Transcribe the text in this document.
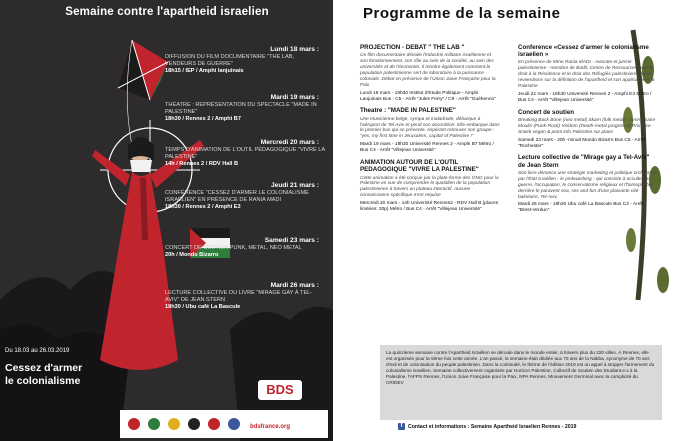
Semaine contre l'apartheid israelien
Lundi 18 mars :
DIFFUSION DU FILM DOCUMENTAIRE "THE LAB, VENDEURS DE GUERRE"
18h15 / IEP / Amphi lanjuinais
Mardi 19 mars :
THÉATRE : REPRÉSENTATION DU SPECTACLE "MADE IN PALESTINE"
18h30 / Rennes 2 / Amphi B7
Mercredi 20 mars :
TEMPS D'ANIMATION DE L'OUTIL PÉDAGOGIQUE "VIVRE LA PALESTINE"
14h / Rennes 2 / RDV Hall B
Jeudi 21 mars :
CONFÉRENCE "CESSEZ D'ARMER LE COLONIALISME ISRAÉLIEN" EN PRÉSENCE DE RANIA MADI
18h30 / Rennes 2 / Amphi E3
Samedi 23 mars :
CONCERT DE SOUTIEN PUNK, METAL, NEO METAL
20h / Mondo Bizarro
Mardi 26 mars :
LECTURE COLLECTIVE DU LIVRE "MIRAGE GAY À TEL-AVIV" DE JEAN STERN
18h30 / Ubu café La Bascule
Du 18.03 au 26.03.2019
Cessez d'armer
le colonialisme
BDS
bdsfrance.org
Programme de la semaine
PROJECTION - DEBAT " THE LAB "
Ce film documentaire dévoile l'industrie militaire israélienne et son fonctionnement, son rôle au sein de la société, au sein des universités et de l'économie. Il montre également comment la population palestinienne sert de laboratoire à la puissance coloniale. Débat en présence de l'Union Juive Française pour la Paix
Lundi 18 mars - 18h30 Institut d'Etude Politique - Amphi Lanjuinais Bus : C5 - Arrêt "Jules Ferry" / C9 - Arrêt "Guéhenno"
Theatre : "MADE IN PALESTINE"
Une musicienne belge, sympa et maladroite, débarque à l'aéroport de Tel Aviv et pend son accordéon. Elle embarque dans le premier bus qui se présente, espérant retrouver son groupe : "yes, my first time in Jerusalem, capital of Palestine !"
Mardi 19 mars - 18h30 Université Rennes 2 - Amphi B7 Métro / Bus C4 - Arrêt "Villejean Université"
ANIMATION AUTOUR DE L'OUTIL PEDAGOGIQUE "VIVRE LA PALESTINE"
Cette animation a été conçue par la plate-forme des ONG pour la Palestine en vue de comprendre le quotidien de la population palestinienne à travers un plateau interactif. Aucune connaissance spécifique n'est requise
Mercredi 20 mars - 14h Université Rennes2 - RDV Hall B (places limitées: 30p) Métro / Bus C4 - Arrêt "Villejean Université"
Conference «Cessez d'armer le colonialisme israelien »
En présence de Mme Rania MADI - Avocate et juriste palestinienne - membre de Badil, Centre de Ressources pour le droit à la Résidence et le droit des Réfugiés palestiniens. Nous reviendrons sur la définition de l'apartheid et son application à la Palestine
Jeudi 21 mars - 18h30 Université Rennes 2 - Amphi E3 Métro / Bus C4 - Arrêt "Villejean Université"
Concert de soutien
Breaking Back Bone (neo metal) Skarn (folk metal) Commissaire Moulin (Punk-Rock) Viridem (Death-metal progressif) Prix libre - Snack vegan & point info Palestine sur place
Samedi 23 mars - 20h -minuit Mondo Bizarro Bus C5 - Arrêt "Rochester"
Lecture collective de "Mirage gay a Tel-Aviv" de Jean Stern
Son livre dénonce une stratégie marketing et politique orchestrée par l'État israélien - le pinkwashing - qui consiste à occulter la guerre, l'occupation, le conservatisme religieux et l'homophobie derrière le paravent sea, sex and fun d'une plaisante cité balnéaire, Tel Aviv.
Mardi 26 mars - 18h30 Ubu café La Bascule Bus C2 - Arrêt "Brest-Verdun"
La quinzième semaine contre l'Apartheid Israélien se déroule dans le monde entier, à travers plus du 220 villes. À Rennes, elle est organisée pour la 5ème fois cette année. L'an passé, la semaine était dédiée aux 70 ans de la Nakba, synonyme de 70 ans d'exil et de colonisation du peuple palestinien. Dans la continuité, le thème de l'édition 2019 est un appel à stopper l'armement du colonialisme israélien. Semaine collectivement organisée par Horizon Palestine, Collectif de Soutien des Etudiant.e.s à la Palestine, l'AFPS Rennes, l'Union Juive Française pour la Paix, NPA Rennes, Mouvement Germinal avec la complicité du CRIDEV
f Contact et informations : Semaine Apartheid Israelien Rennes - 2019
